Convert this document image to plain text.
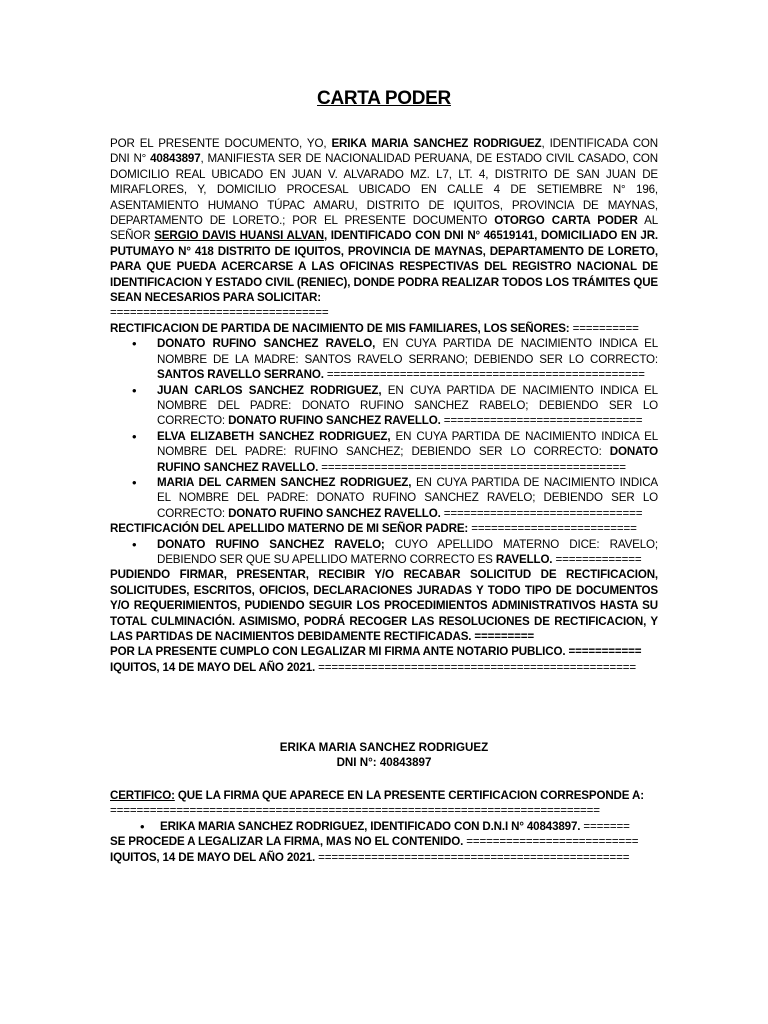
CARTA PODER

POR EL PRESENTE DOCUMENTO, YO, ERIKA MARIA SANCHEZ RODRIGUEZ, IDENTIFICADA CON DNI N° 40843897, MANIFIESTA SER DE NACIONALIDAD PERUANA, DE ESTADO CIVIL CASADO, CON DOMICILIO REAL UBICADO EN JUAN V. ALVARADO MZ. L7, LT. 4, DISTRITO DE SAN JUAN DE MIRAFLORES, Y, DOMICILIO PROCESAL UBICADO EN CALLE 4 DE SETIEMBRE N° 196, ASENTAMIENTO HUMANO TÚPAC AMARU, DISTRITO DE IQUITOS, PROVINCIA DE MAYNAS, DEPARTAMENTO DE LORETO.; POR EL PRESENTE DOCUMENTO OTORGO CARTA PODER AL SEÑOR SERGIO DAVIS HUANSI ALVAN, IDENTIFICADO CON DNI N° 46519141, DOMICILIADO EN JR. PUTUMAYO N° 418 DISTRITO DE IQUITOS, PROVINCIA DE MAYNAS, DEPARTAMENTO DE LORETO, PARA QUE PUEDA ACERCARSE A LAS OFICINAS RESPECTIVAS DEL REGISTRO NACIONAL DE IDENTIFICACION Y ESTADO CIVIL (RENIEC), DONDE PODRA REALIZAR TODOS LOS TRÁMITES QUE SEAN NECESARIOS PARA SOLICITAR:

=================================

RECTIFICACION DE PARTIDA DE NACIMIENTO DE MIS FAMILIARES, LOS SEÑORES: ==========

• DONATO RUFINO SANCHEZ RAVELO, EN CUYA PARTIDA DE NACIMIENTO INDICA EL NOMBRE DE LA MADRE: SANTOS RAVELO SERRANO; DEBIENDO SER LO CORRECTO: SANTOS RAVELLO SERRANO. ================================================
• JUAN CARLOS SANCHEZ RODRIGUEZ, EN CUYA PARTIDA DE NACIMIENTO INDICA EL NOMBRE DEL PADRE: DONATO RUFINO SANCHEZ RABELO; DEBIENDO SER LO CORRECTO: DONATO RUFINO SANCHEZ RAVELLO. ==============================
• ELVA ELIZABETH SANCHEZ RODRIGUEZ, EN CUYA PARTIDA DE NACIMIENTO INDICA EL NOMBRE DEL PADRE: RUFINO SANCHEZ; DEBIENDO SER LO CORRECTO: DONATO RUFINO SANCHEZ RAVELLO. ==============================================
• MARIA DEL CARMEN SANCHEZ RODRIGUEZ, EN CUYA PARTIDA DE NACIMIENTO INDICA EL NOMBRE DEL PADRE: DONATO RUFINO SANCHEZ RAVELO; DEBIENDO SER LO CORRECTO: DONATO RUFINO SANCHEZ RAVELLO. ==============================

RECTIFICACIÓN DEL APELLIDO MATERNO DE MI SEÑOR PADRE: =========================

• DONATO RUFINO SANCHEZ RAVELO; CUYO APELLIDO MATERNO DICE: RAVELO; DEBIENDO SER QUE SU APELLIDO MATERNO CORRECTO ES RAVELLO. =============

PUDIENDO FIRMAR, PRESENTAR, RECIBIR Y/O RECABAR SOLICITUD DE RECTIFICACION, SOLICITUDES, ESCRITOS, OFICIOS, DECLARACIONES JURADAS Y TODO TIPO DE DOCUMENTOS Y/O REQUERIMIENTOS, PUDIENDO SEGUIR LOS PROCEDIMIENTOS ADMINISTRATIVOS HASTA SU TOTAL CULMINACIÓN. ASIMISMO, PODRÁ RECOGER LAS RESOLUCIONES DE RECTIFICACION, Y LAS PARTIDAS DE NACIMIENTOS DEBIDAMENTE RECTIFICADAS. =========

POR LA PRESENTE CUMPLO CON LEGALIZAR MI FIRMA ANTE NOTARIO PUBLICO. ===========

IQUITOS, 14 DE MAYO DEL AÑO 2021. ================================================

ERIKA MARIA SANCHEZ RODRIGUEZ
DNI N°: 40843897

CERTIFICO: QUE LA FIRMA QUE APARECE EN LA PRESENTE CERTIFICACION CORRESPONDE A:

==========================================================================

• ERIKA MARIA SANCHEZ RODRIGUEZ, IDENTIFICADO CON D.N.I N° 40843897. =======

SE PROCEDE A LEGALIZAR LA FIRMA, MAS NO EL CONTENIDO. ==========================

IQUITOS, 14 DE MAYO DEL AÑO 2021. ===============================================
